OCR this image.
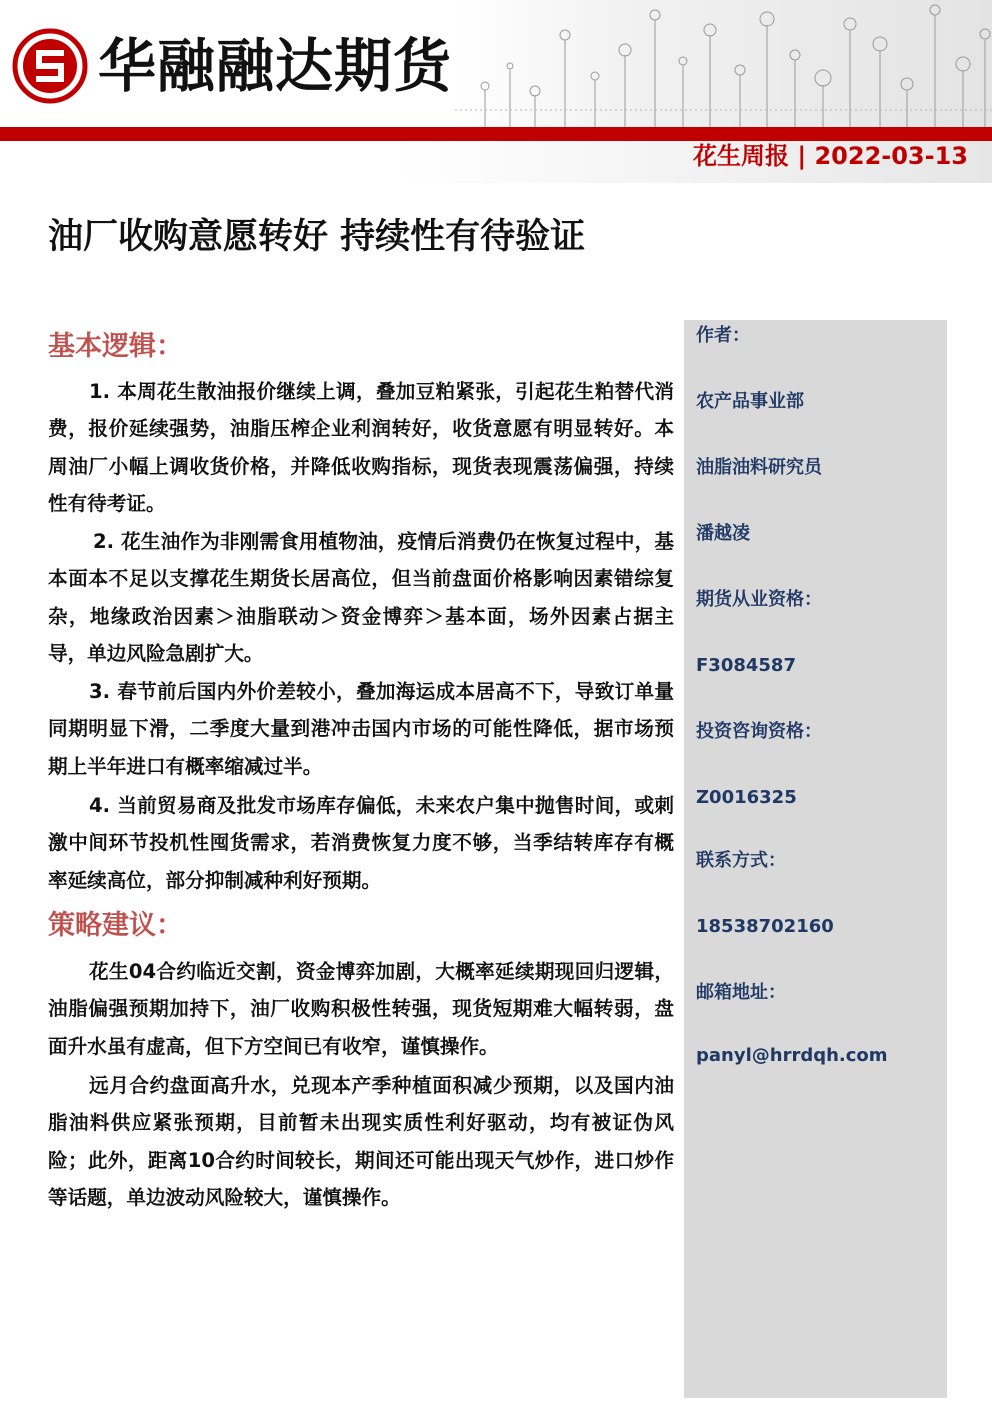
华融融达期货
花生周报 | 2022-03-13
油厂收购意愿转好 持续性有待验证
基本逻辑：

1. 本周花生散油报价继续上调，叠加豆粕紧张，引起花生粕替代消费，报价延续强势，油脂压榨企业利润转好，收货意愿有明显转好。本周油厂小幅上调收货价格，并降低收购指标，现货表现震荡偏强，持续性有待考证。

2. 花生油作为非刚需食用植物油，疫情后消费仍在恢复过程中，基本面本不足以支撑花生期货长居高位，但当前盘面价格影响因素错综复杂，地缘政治因素＞油脂联动＞资金博弈＞基本面，场外因素占据主导，单边风险急剧扩大。

3. 春节前后国内外价差较小，叠加海运成本居高不下，导致订单量同期明显下滑，二季度大量到港冲击国内市场的可能性降低，据市场预期上半年进口有概率缩减过半。

4. 当前贸易商及批发市场库存偏低，未来农户集中抛售时间，或刺激中间环节投机性囤货需求，若消费恢复力度不够，当季结转库存有概率延续高位，部分抑制减种利好预期。

策略建议：

花生04合约临近交割，资金博弈加剧，大概率延续期现回归逻辑，油脂偏强预期加持下，油厂收购积极性转强，现货短期难大幅转弱，盘面升水虽有虚高，但下方空间已有收窄，谨慎操作。

远月合约盘面高升水，兑现本产季种植面积减少预期，以及国内油脂油料供应紧张预期，目前暂未出现实质性利好驱动，均有被证伪风险；此外，距离10合约时间较长，期间还可能出现天气炒作，进口炒作等话题，单边波动风险较大，谨慎操作。

作者：
农产品事业部
油脂油料研究员
潘越凌
期货从业资格：
F3084587
投资咨询资格：
Z0016325
联系方式：
18538702160
邮箱地址：
panyl@hrrdqh.com
